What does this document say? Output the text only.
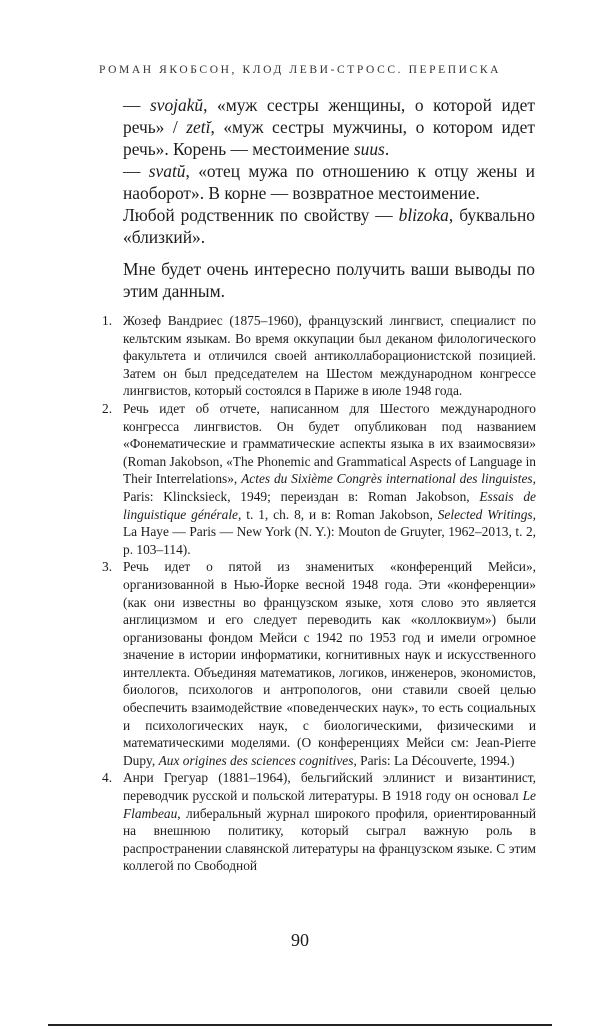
РОМАН ЯКОБСОН, КЛОД ЛЕВИ-СТРОСС. ПЕРЕПИСКА

— svojakŭ, «муж сестры женщины, о которой идет речь» / zetĭ, «муж сестры мужчины, о котором идет речь». Корень — местоимение suus.

— svatŭ, «отец мужа по отношению к отцу жены и наоборот». В корне — возвратное местоимение.

Любой родственник по свойству — blizoka, буквально «близкий».

Мне будет очень интересно получить ваши выводы по этим данным.

1. Жозеф Вандриес (1875–1960), французский лингвист, специалист по кельтским языкам. Во время оккупации был деканом филологического факультета и отличился своей антиколлаборационистской позицией. Затем он был председателем на Шестом международном конгрессе лингвистов, который состоялся в Париже в июле 1948 года.
2. Речь идет об отчете, написанном для Шестого международного конгресса лингвистов. Он будет опубликован под названием «Фонематические и грамматические аспекты языка в их взаимосвязи» (Roman Jakobson, «The Phonemic and Grammatical Aspects of Language in Their Interrelations», Actes du Sixième Congrès international des linguistes, Paris: Klincksieck, 1949; переиздан в: Roman Jakobson, Essais de linguistique générale, t. 1, ch. 8, и в: Roman Jakobson, Selected Writings, La Haye — Paris — New York (N. Y.): Mouton de Gruyter, 1962–2013, t. 2, p. 103–114).
3. Речь идет о пятой из знаменитых «конференций Мейси», организованной в Нью-Йорке весной 1948 года. Эти «конференции» (как они известны во французском языке, хотя слово это является англицизмом и его следует переводить как «коллоквиум») были организованы фондом Мейси с 1942 по 1953 год и имели огромное значение в истории информатики, когнитивных наук и искусственного интеллекта. Объединяя математиков, логиков, инженеров, экономистов, биологов, психологов и антропологов, они ставили своей целью обеспечить взаимодействие «поведенческих наук», то есть социальных и психологических наук, с биологическими, физическими и математическими моделями. (О конференциях Мейси см: Jean-Pierre Dupy, Aux origines des sciences cognitives, Paris: La Découverte, 1994.)
4. Анри Грегуар (1881–1964), бельгийский эллинист и византинист, переводчик русской и польской литературы. В 1918 году он основал Le Flambeau, либеральный журнал широкого профиля, ориентированный на внешнюю политику, который сыграл важную роль в распространении славянской литературы на французском языке. С этим коллегой по Свободной
90
